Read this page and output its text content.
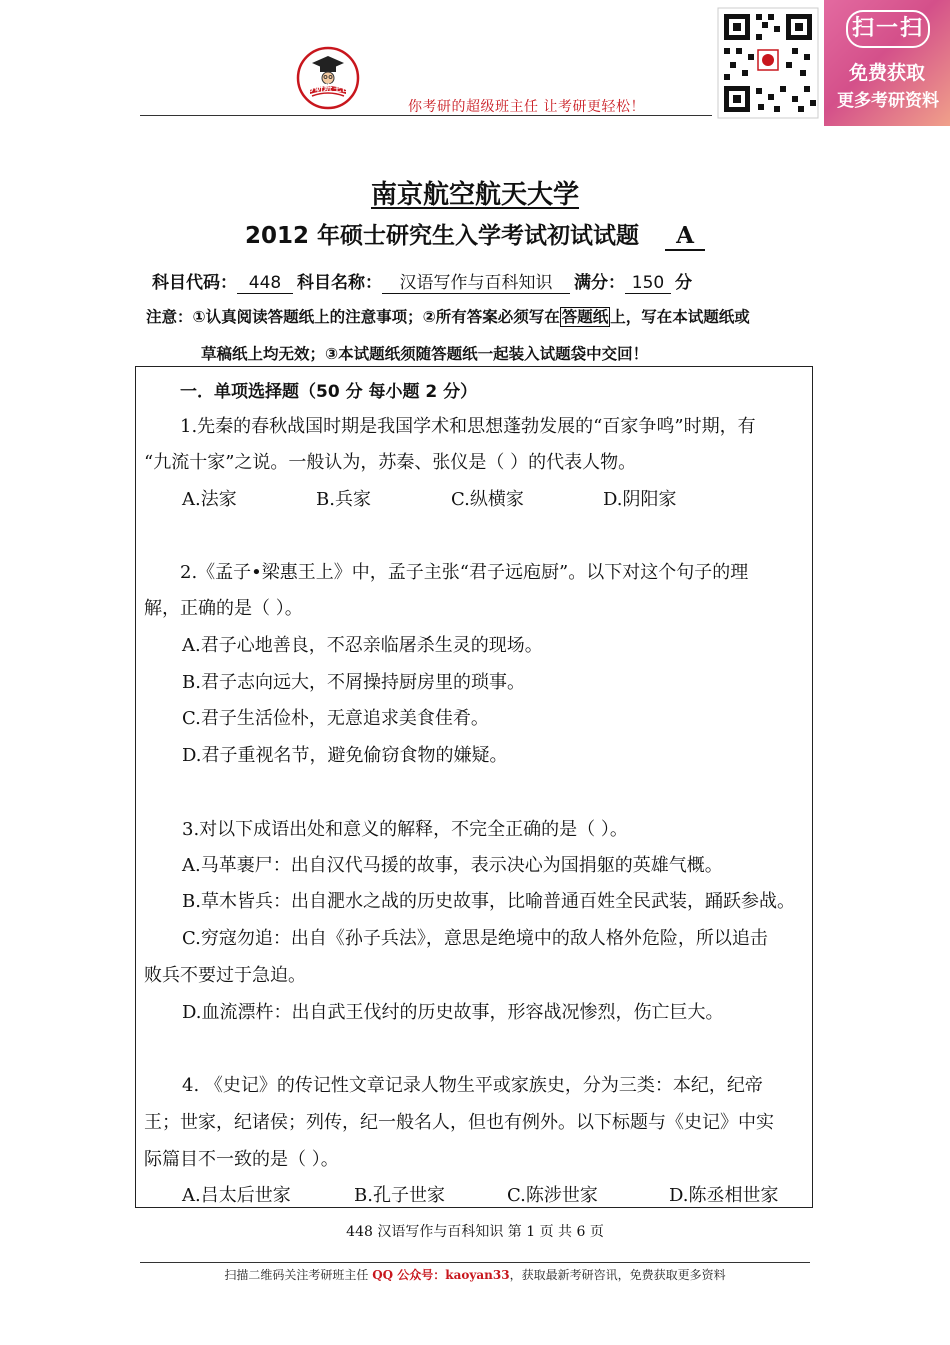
考研班主任
你考研的超级班主任 让考研更轻松！
扫一扫
免费获取
更多考研资料
南京航空航天大学
2012 年硕士研究生入学考试初试试题 A
科目代码： 448 科目名称： 汉语写作与百科知识 满分： 150 分
注意：①认真阅读答题纸上的注意事项；②所有答案必须写在 答题纸 上，写在本试题纸或
草稿纸上均无效；③本试题纸须随答题纸一起装入试题袋中交回！
一．单项选择题（50 分 每小题 2 分）
1.先秦的春秋战国时期是我国学术和思想蓬勃发展的“百家争鸣”时期，有
“九流十家”之说。一般认为，苏秦、张仪是（ ）的代表人物。
A.法家	B.兵家	C.纵横家	D.阴阳家
2.《孟子•梁惠王上》中，孟子主张“君子远庖厨”。以下对这个句子的理
解，正确的是（ ）。
A.君子心地善良，不忍亲临屠杀生灵的现场。
B.君子志向远大，不屑操持厨房里的琐事。
C.君子生活俭朴，无意追求美食佳肴。
D.君子重视名节，避免偷窃食物的嫌疑。
3.对以下成语出处和意义的解释，不完全正确的是（ ）。
A.马革裹尸：出自汉代马援的故事，表示决心为国捐躯的英雄气概。
B.草木皆兵：出自淝水之战的历史故事，比喻普通百姓全民武装，踊跃参战。
C.穷寇勿追：出自《孙子兵法》，意思是绝境中的敌人格外危险，所以追击
败兵不要过于急迫。
D.血流漂杵：出自武王伐纣的历史故事，形容战况惨烈，伤亡巨大。
4. 《史记》的传记性文章记录人物生平或家族史，分为三类：本纪，纪帝
王；世家，纪诸侯；列传，纪一般名人，但也有例外。以下标题与《史记》中实
际篇目不一致的是（ ）。
A.吕太后世家	B.孔子世家	C.陈涉世家	D.陈丞相世家
448 汉语写作与百科知识 第 1 页 共 6 页
扫描二维码关注考研班主任 QQ 公众号：kaoyan33，获取最新考研咨讯，免费获取更多资料
